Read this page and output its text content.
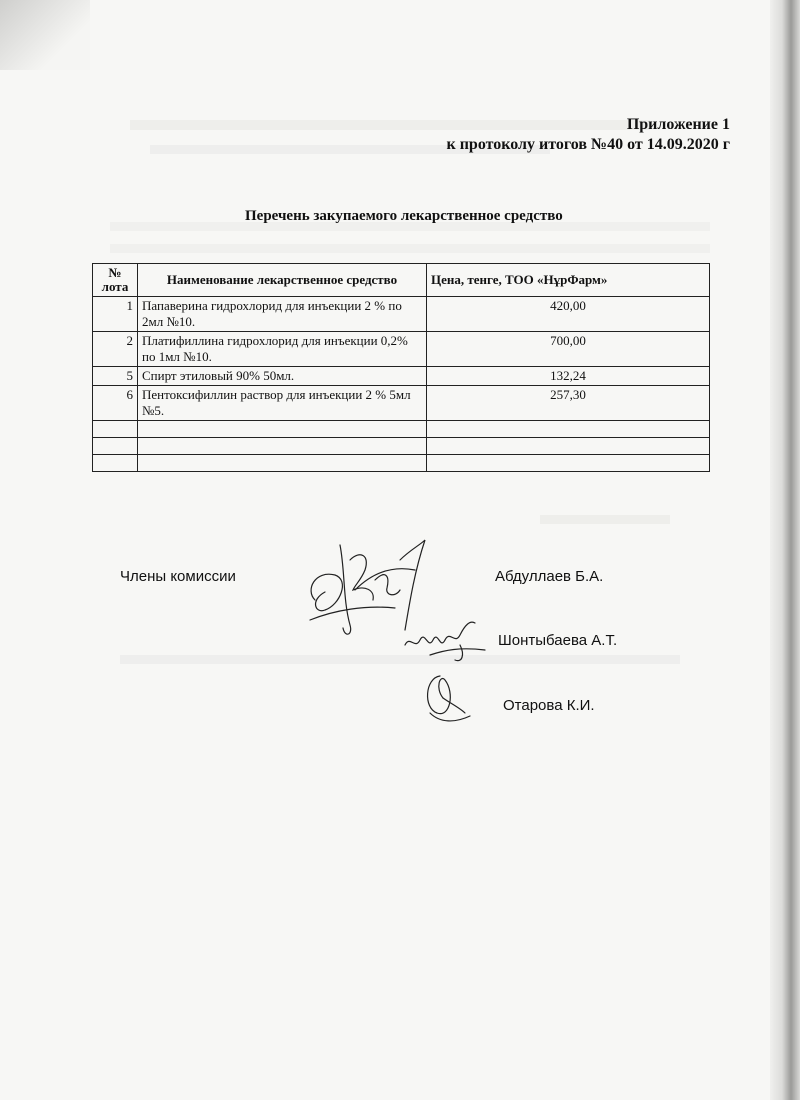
Приложение 1
к протоколу итогов №40 от 14.09.2020 г
Перечень закупаемого лекарственное средство
№ лота	Наименование лекарственное средство	Цена, тенге, ТОО «НұрФарм»
1	Папаверина гидрохлорид для инъекции 2 % по 2мл №10.	420,00
2	Платифиллина гидрохлорид для инъекции 0,2% по 1мл №10.	700,00
5	Спирт этиловый 90% 50мл.	132,24
6	Пентоксифиллин раствор для инъекции 2 % 5мл №5.	257,30

Члены комиссии	Абдуллаев Б.А.
Шонтыбаева А.Т.
Отарова К.И.
